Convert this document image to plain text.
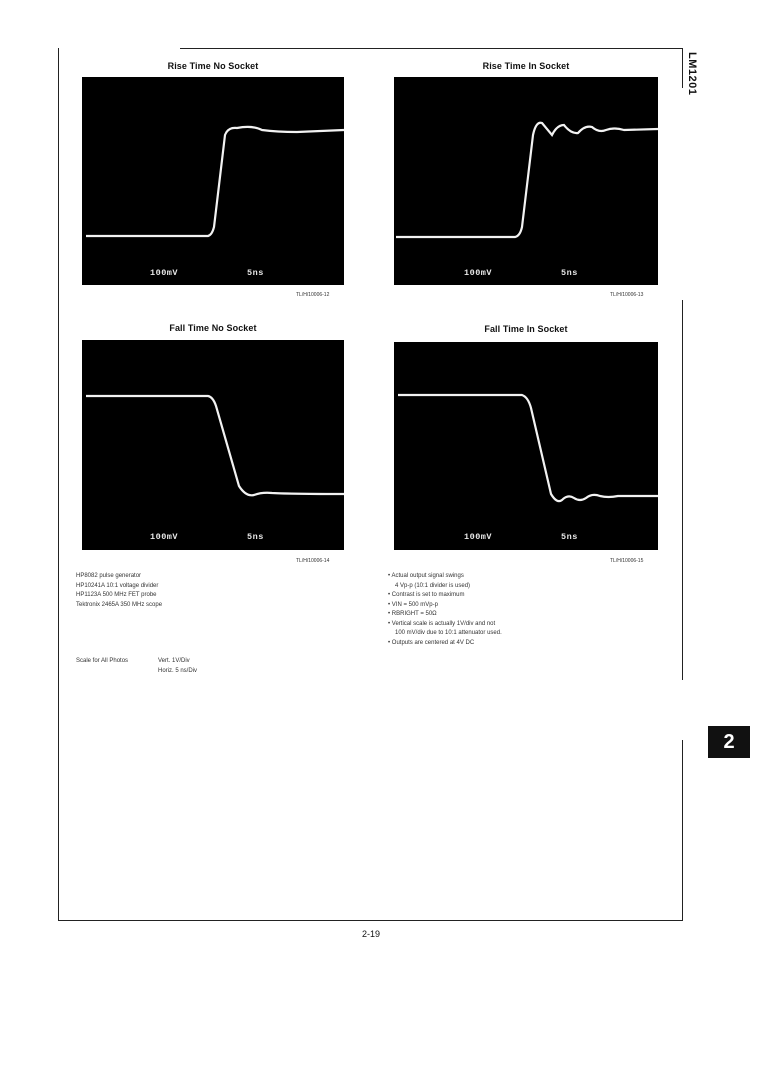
LM1201
2
Rise Time No Socket
100mV	5ns
TL/H/10006-12
Rise Time In Socket
100mV	5ns
TL/H/10006-13
Fall Time No Socket
100mV	5ns
TL/H/10006-14
Fall Time In Socket
100mV	5ns
TL/H/10006-15
HP8082 pulse generator
HP10241A 10:1 voltage divider
HP1123A 500 MHz FET probe
Tektronix 2465A 350 MHz scope
Scale for All Photos	Vert. 1V/Div
Horiz. 5 ns/Div
• Actual output signal swings
4 Vp-p (10:1 divider is used)
• Contrast is set to maximum
• VIN = 500 mVp-p
• RBRIGHT = 50Ω
• Vertical scale is actually 1V/div and not
100 mV/div due to 10:1 attenuator used.
• Outputs are centered at 4V DC
2-19
